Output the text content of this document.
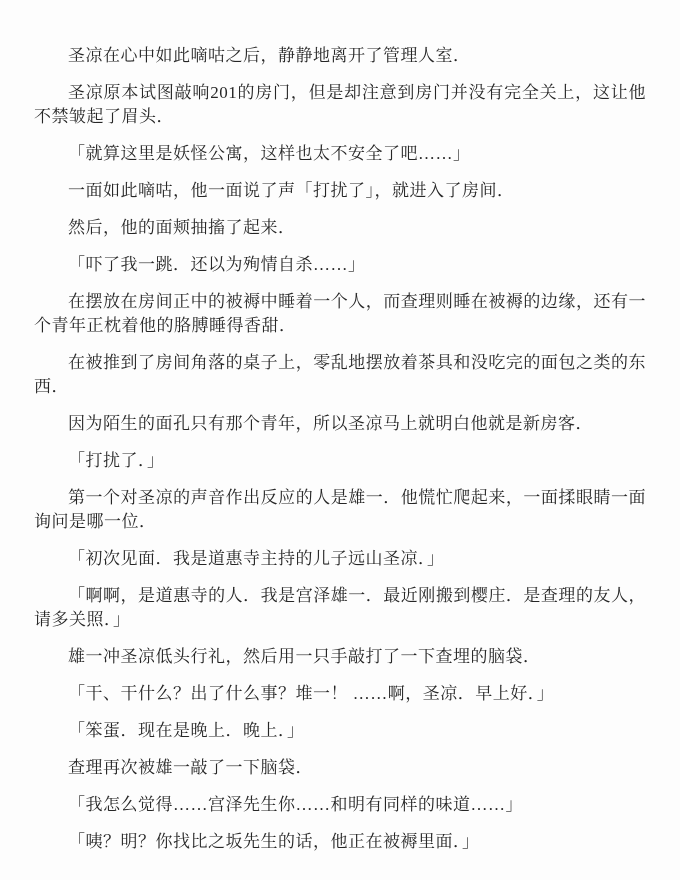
圣凉在心中如此嘀咕之后，静静地离开了管理人室．

圣凉原本试图敲响201的房门，但是却注意到房门并没有完全关上，这让他不禁皱起了眉头．

「就算这里是妖怪公寓，这样也太不安全了吧……」

一面如此嘀咕，他一面说了声「打扰了」，就进入了房间．

然后，他的面颊抽搐了起来．

「吓了我一跳．还以为殉情自杀……」

在摆放在房间正中的被褥中睡着一个人，而查理则睡在被褥的边缘，还有一个青年正枕着他的胳膊睡得香甜．

在被推到了房间角落的桌子上，零乱地摆放着茶具和没吃完的面包之类的东西．

因为陌生的面孔只有那个青年，所以圣凉马上就明白他就是新房客．

「打扰了．」

第一个对圣凉的声音作出反应的人是雄一．他慌忙爬起来，一面揉眼睛一面询问是哪一位．

「初次见面．我是道惠寺主持的儿子远山圣凉．」

「啊啊，是道惠寺的人．我是宫泽雄一．最近刚搬到樱庄．是查理的友人，请多关照．」

雄一冲圣凉低头行礼，然后用一只手敲打了一下查埋的脑袋．

「干、干什么？出了什么事？堆一！ ……啊，圣凉．早上好．」

「笨蛋．现在是晚上．晚上．」

查理再次被雄一敲了一下脑袋．

「我怎么觉得……宫泽先生你……和明有同样的味道……」

「咦？明？你找比之坂先生的话，他正在被褥里面．」
